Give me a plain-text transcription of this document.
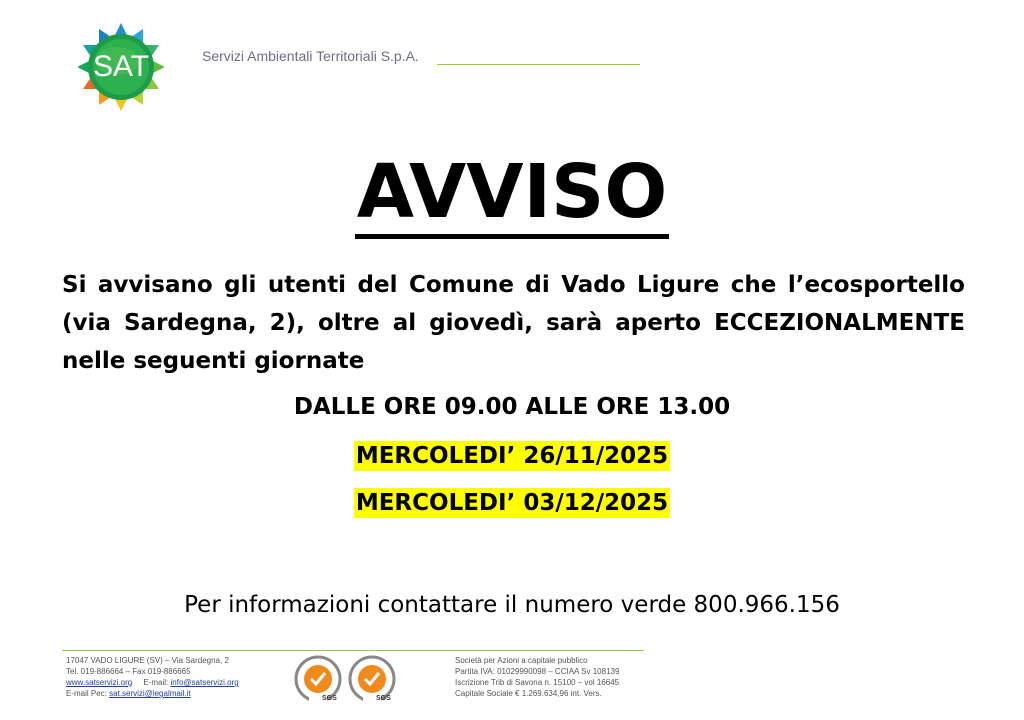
SAT	Servizi Ambientali Territoriali S.p.A.
AVVISO
Si avvisano gli utenti del Comune di Vado Ligure che l’ecosportello (via Sardegna, 2), oltre al giovedì, sarà aperto ECCEZIONALMENTE nelle seguenti giornate
DALLE ORE 09.00 ALLE ORE 13.00
MERCOLEDI’ 26/11/2025
MERCOLEDI’ 03/12/2025
Per informazioni contattare il numero verde 800.966.156
17047 VADO LIGURE (SV) – Via Sardegna, 2
Tel. 019-886664 – Fax 019-886665
www.satservizi.org E-mail: info@satservizi.org
E-mail Pec: sat.servizi@legalmail.it
SGS	SGS
Società per Azioni a capitale pubblico
Partita IVA: 01029990098 – CCIAA Sv 108139
Iscrizione Trib di Savona n. 15100 – vol 16645
Capitale Sociale € 1.269.634,96 int. Vers.
